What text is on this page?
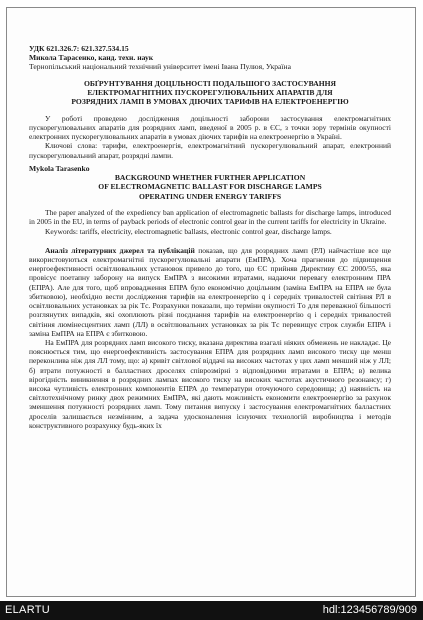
УДК 621.326.7: 621.327.534.15
Микола Тарасенко, канд. техн. наук
Тернопільський національний технічний університет імені Івана Пулюя, Україна
ОБҐРУНТУВАННЯ ДОЦІЛЬНОСТІ ПОДАЛЬШОГО ЗАСТОСУВАННЯ
ЕЛЕКТРОМАГНІТНИХ ПУСКОРЕГУЛЮВАЛЬНИХ АПАРАТІВ ДЛЯ
РОЗРЯДНИХ ЛАМП В УМОВАХ ДІЮЧИХ ТАРИФІВ НА ЕЛЕКТРОЕНЕРГІЮ

У роботі проведено дослідження доцільності заборони застосування електромагнітних пускорегулювальних апаратів для розрядних ламп, введеної в 2005 р. в ЄС, з точки зору термінів окупності електронних пускорегулювальних апаратів в умовах діючих тарифів на електроенергію в Україні.

Ключові слова: тарифи, електроенергія, електромагнітний пускорегулювальний апарат, електронний пускорегулювальний апарат, розрядні лампи.

Mykola Tarasenko
BACKGROUND WHETHER FURTHER APPLICATION
OF ELECTROMAGNETIC BALLAST FOR DISCHARGE LAMPS
OPERATING UNDER ENERGY TARIFFS

The paper analyzed of the expediency ban application of electromagnetic ballasts for discharge lamps, introduced in 2005 in the EU, in terms of payback periods of electronic control gear in the current tariffs for electricity in Ukraine.

Keywords: tariffs, electricity, electromagnetic ballasts, electronic control gear, discharge lamps.

Аналіз літературних джерел та публікацій показав, що для розрядних ламп (РЛ) найчастіше все ще використовуються електромагнітні пускорегулювальні апарати (ЕмПРА). Хоча прагнення до підвищення енергоефективності освітлювальних установок привело до того, що ЄС прийняв Директиву ЄС 2000/55, яка провісує поетапну заборону на випуск ЕмПРА з високими втратами, надаючи перевагу електронним ПРА (ЕПРА). Але для того, щоб впровадження ЕПРА було економічно доцільним (заміна ЕмПРА на ЕПРА не була збитковою), необхідно вести дослідження тарифів на електроенергію q і середніх тривалостей світіння РЛ в освітлювальних установках за рік Tс. Розрахунки показали, що терміни окупності Tо для переважної більшості розглянутих випадків, які охоплюють різні поєднання тарифів на електроенергію q і середніх тривалостей світіння люмінесцентних ламп (ЛЛ) в освітлювальних установках за рік Tс перевищує строк служби ЕПРА і заміна ЕмПРА на ЕПРА є збитковою.

На ЕмПРА для розрядних ламп високого тиску, вказана директива взагалі ніяких обмежень не накладає. Це пояснюється тим, що енергоефективність застосування ЕПРА для розрядних ламп високого тиску ще менш переконлива ніж для ЛЛ тому, що: а) кривіт світлової віддачі на високих частотах у цих ламп менший ніж у ЛЛ; б) втрати потужності в балластних дроселях співрозмірні з відповідними втратами в ЕПРА; в) велика вірогідність виникнення в розрядних лампах високого тиску на високих частотах акустичного резонансу; г) висока чутливість електронних компонентів ЕПРА до температури оточуючого середовища; д) наявність на світлотехнічному ринку двох режимних ЕмПРА, які дають можливість економити електроенергію за рахунок зменшення потужності розрядних ламп. Тому питання випуску і застосування електромагнітних балластних дроселів залишається незмінним, а задача удосконалення існуючих технологій виробництва і методів конструктивного розрахунку будь-яких їх

ELARTU	hdl:123456789/909
